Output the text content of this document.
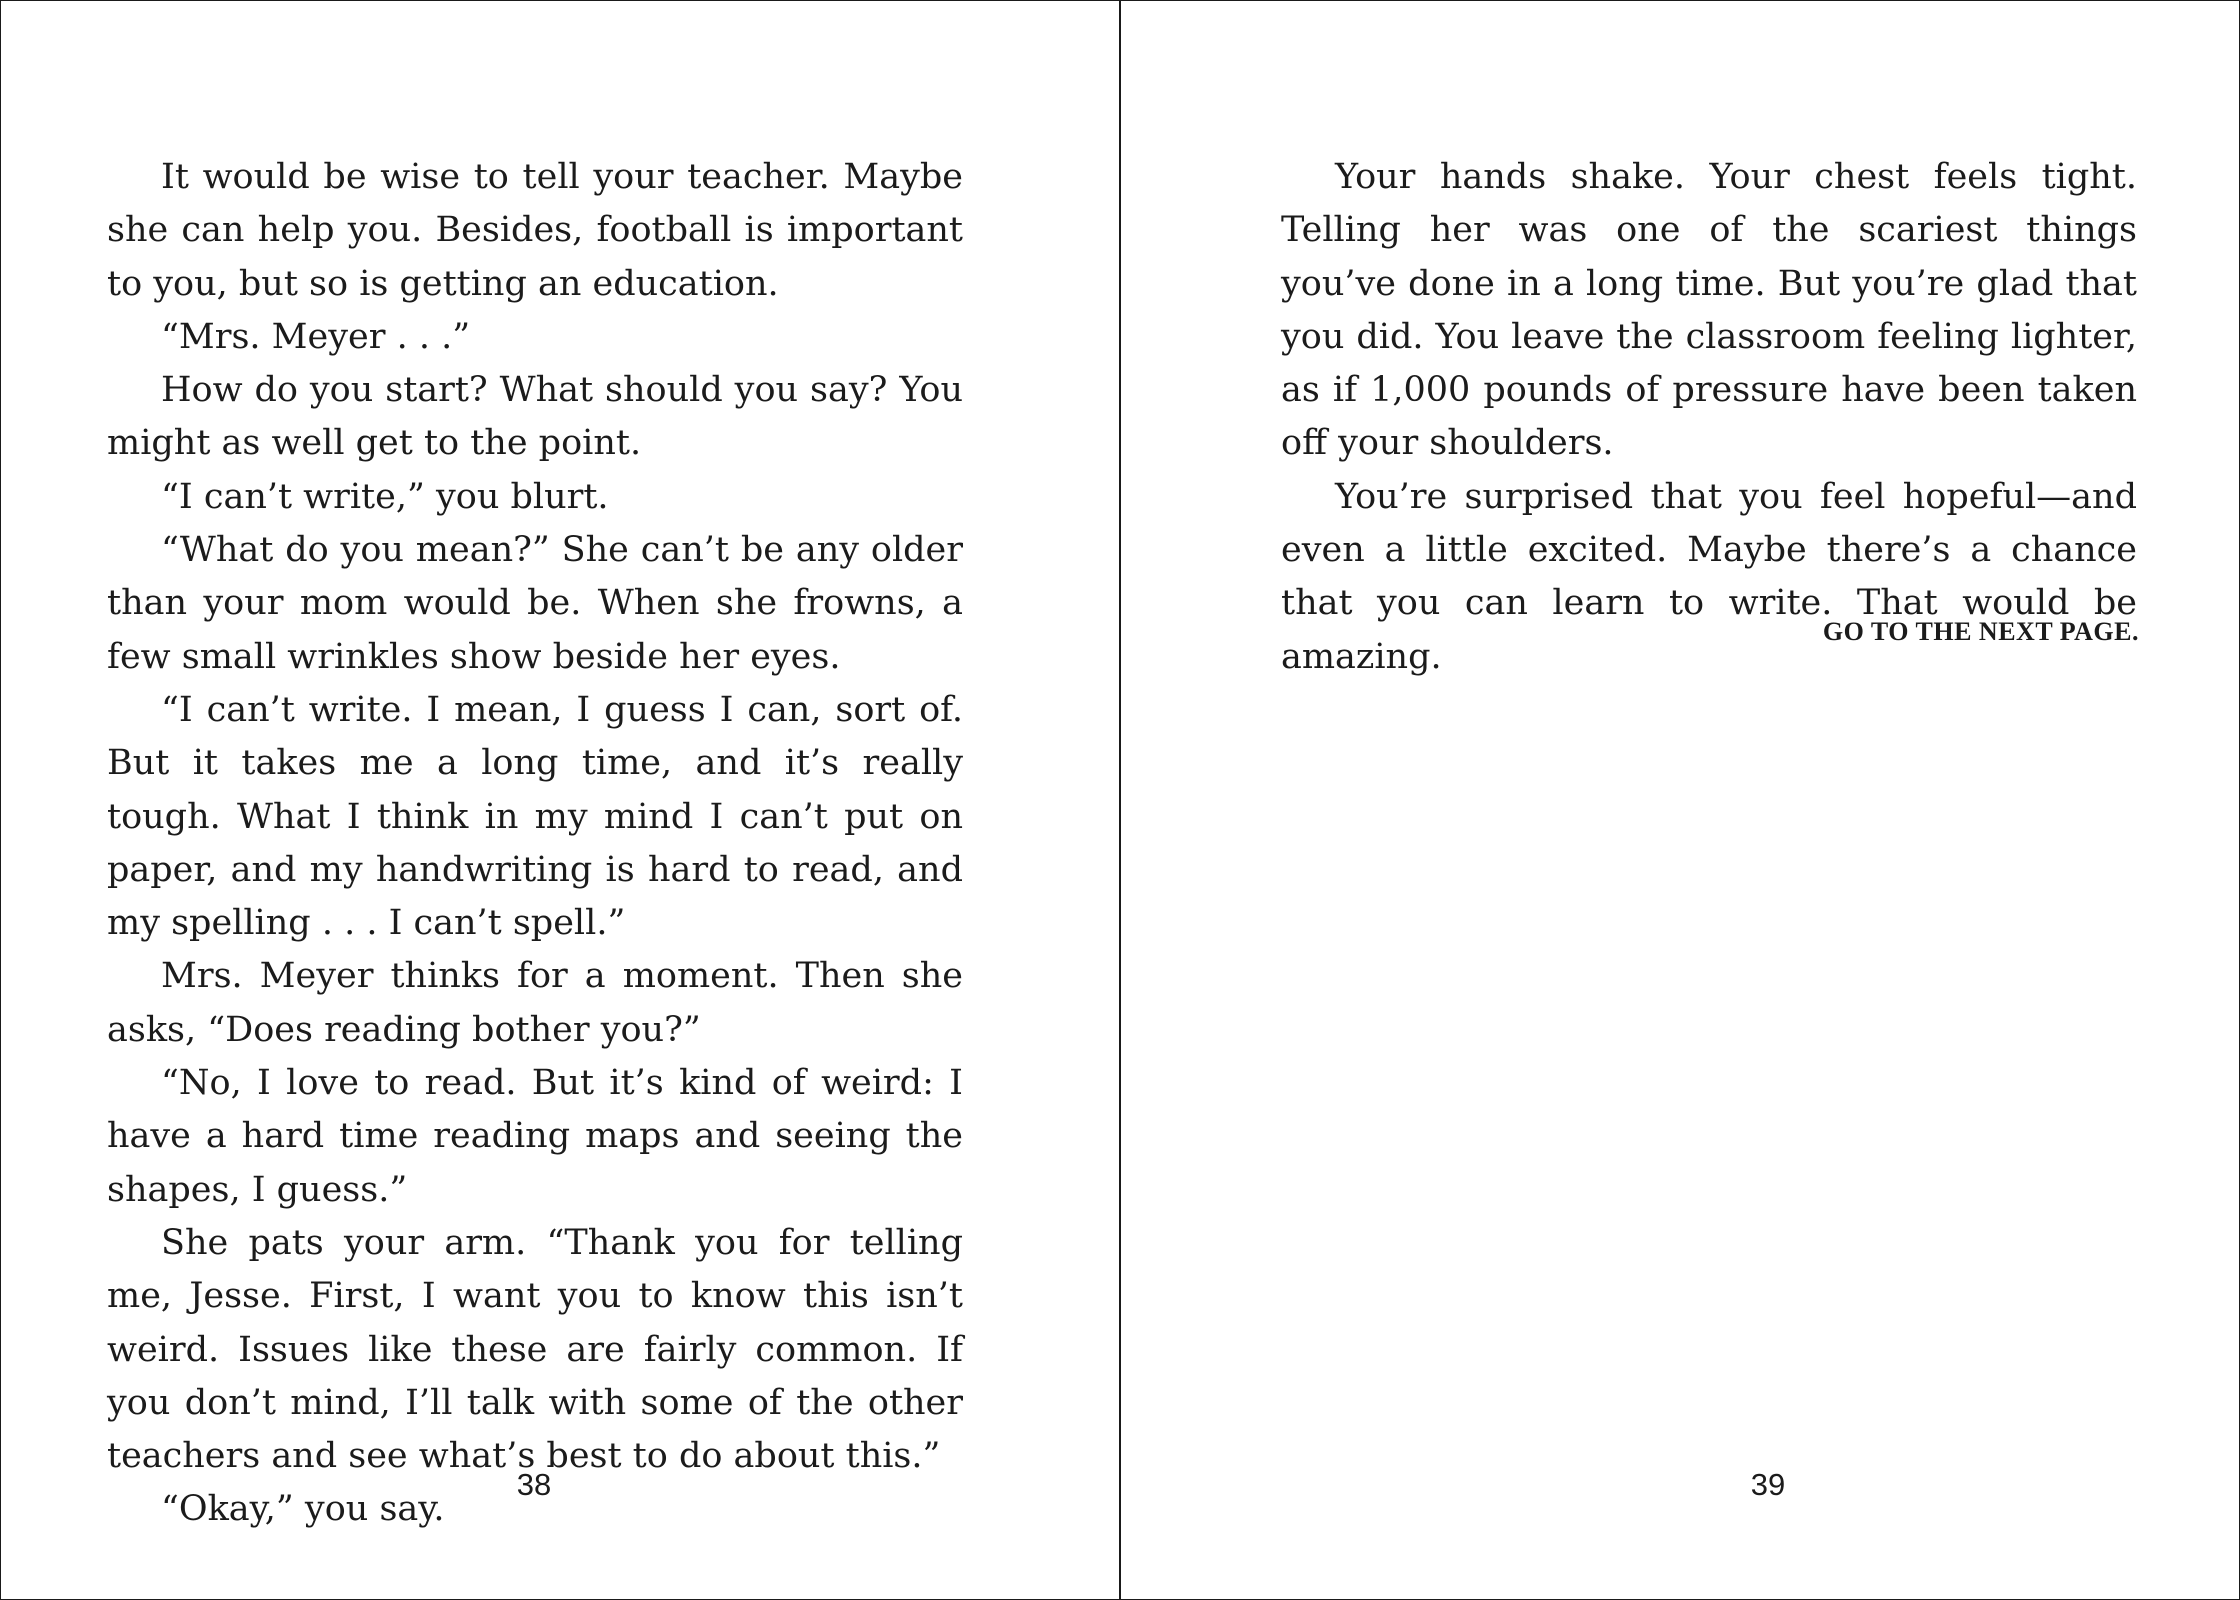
It would be wise to tell your teacher. Maybe she can help you. Besides, football is important to you, but so is getting an education.

“Mrs. Meyer . . .”

How do you start? What should you say? You might as well get to the point.

“I can’t write,” you blurt.

“What do you mean?” She can’t be any older than your mom would be. When she frowns, a few small wrinkles show beside her eyes.

“I can’t write. I mean, I guess I can, sort of. But it takes me a long time, and it’s really tough. What I think in my mind I can’t put on paper, and my handwriting is hard to read, and my spelling . . . I can’t spell.”

Mrs. Meyer thinks for a moment. Then she asks, “Does reading bother you?”

“No, I love to read. But it’s kind of weird: I have a hard time reading maps and seeing the shapes, I guess.”

She pats your arm. “Thank you for telling me, Jesse. First, I want you to know this isn’t weird. Issues like these are fairly common. If you don’t mind, I’ll talk with some of the other teachers and see what’s best to do about this.”

“Okay,” you say.

38

Your hands shake. Your chest feels tight. Telling her was one of the scariest things you’ve done in a long time. But you’re glad that you did. You leave the classroom feeling lighter, as if 1,000 pounds of pressure have been taken off your shoulders.

You’re surprised that you feel hopeful—and even a little excited. Maybe there’s a chance that you can learn to write. That would be amazing.

GO TO THE NEXT PAGE.
39
